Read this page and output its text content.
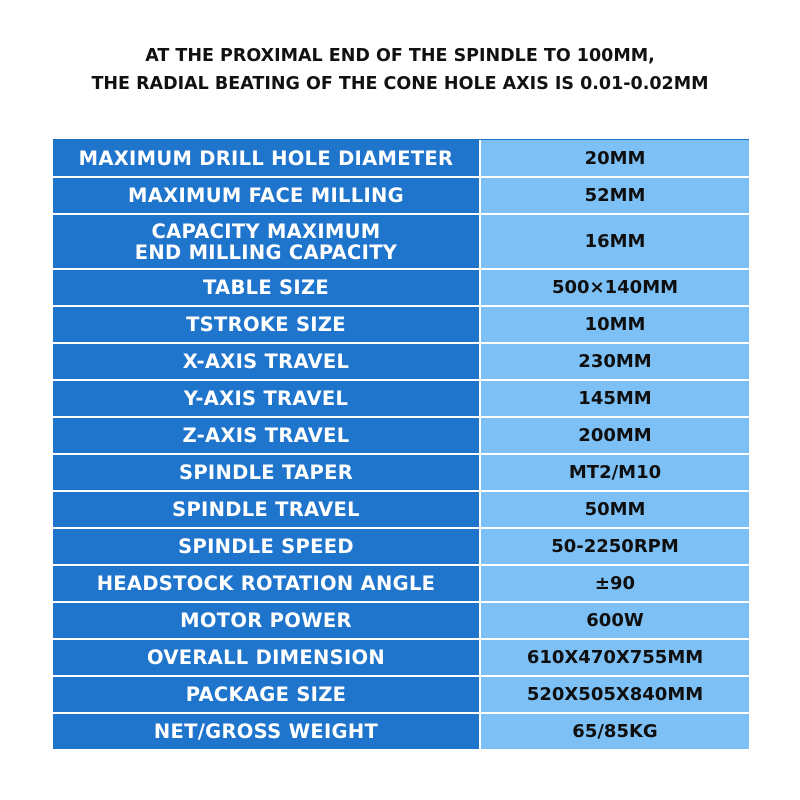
AT THE PROXIMAL END OF THE SPINDLE TO 100MM,
THE RADIAL BEATING OF THE CONE HOLE AXIS IS 0.01-0.02MM
MAXIMUM DRILL HOLE DIAMETER	20MM
MAXIMUM FACE MILLING	52MM
CAPACITY MAXIMUM
END MILLING CAPACITY	16MM
TABLE SIZE	500×140MM
TSTROKE SIZE	10MM
X-AXIS TRAVEL	230MM
Y-AXIS TRAVEL	145MM
Z-AXIS TRAVEL	200MM
SPINDLE TAPER	MT2/M10
SPINDLE TRAVEL	50MM
SPINDLE SPEED	50-2250RPM
HEADSTOCK ROTATION ANGLE	±90
MOTOR POWER	600W
OVERALL DIMENSION	610X470X755MM
PACKAGE SIZE	520X505X840MM
NET/GROSS WEIGHT	65/85KG
